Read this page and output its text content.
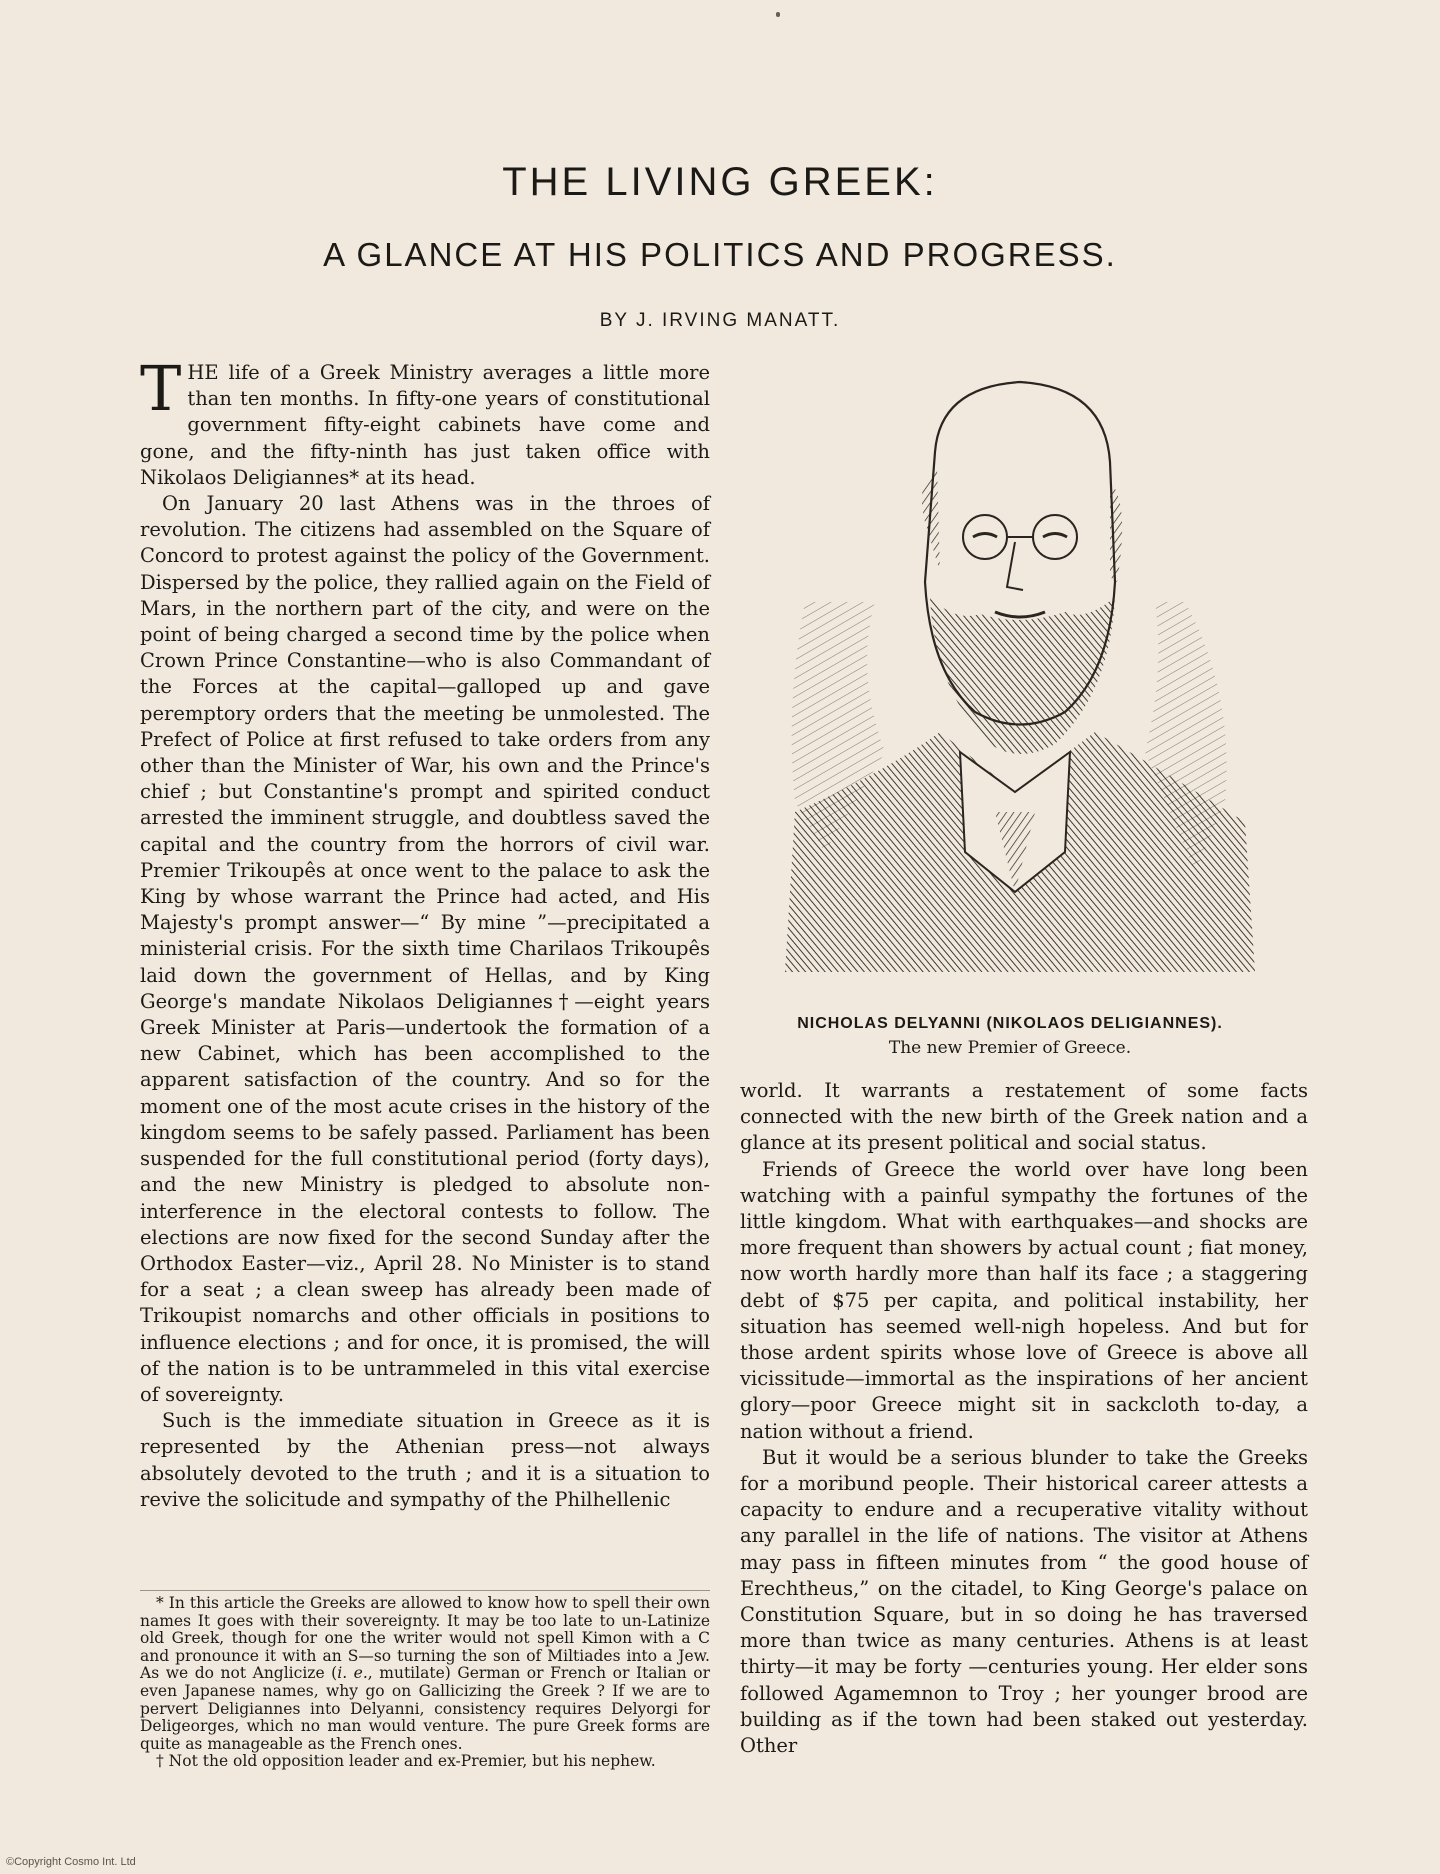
THE LIVING GREEK:
A GLANCE AT HIS POLITICS AND PROGRESS.
BY J. IRVING MANATT.

THE life of a Greek Ministry averages a little more than ten months. In fifty-one years of constitutional government fifty-eight cabinets have come and gone, and the fifty-ninth has just taken office with Nikolaos Deligiannes* at its head.

On January 20 last Athens was in the throes of revolution. The citizens had assembled on the Square of Concord to protest against the policy of the Government. Dispersed by the police, they rallied again on the Field of Mars, in the northern part of the city, and were on the point of being charged a second time by the police when Crown Prince Constantine—who is also Commandant of the Forces at the capital—galloped up and gave peremptory orders that the meeting be unmolested. The Prefect of Police at first refused to take orders from any other than the Minister of War, his own and the Prince's chief ; but Constantine's prompt and spirited conduct arrested the imminent struggle, and doubtless saved the capital and the country from the horrors of civil war. Premier Trikoupês at once went to the palace to ask the King by whose warrant the Prince had acted, and His Majesty's prompt answer—“ By mine ”—precipitated a ministerial crisis. For the sixth time Charilaos Trikoupês laid down the government of Hellas, and by King George's mandate Nikolaos Deligiannes†—eight years Greek Minister at Paris—undertook the formation of a new Cabinet, which has been accomplished to the apparent satisfaction of the country. And so for the moment one of the most acute crises in the history of the kingdom seems to be safely passed. Parliament has been suspended for the full constitutional period (forty days), and the new Ministry is pledged to absolute non-interference in the electoral contests to follow. The elections are now fixed for the second Sunday after the Orthodox Easter—viz., April 28. No Minister is to stand for a seat ; a clean sweep has already been made of Trikoupist nomarchs and other officials in positions to influence elections ; and for once, it is promised, the will of the nation is to be untrammeled in this vital exercise of sovereignty.

Such is the immediate situation in Greece as it is represented by the Athenian press—not always absolutely devoted to the truth ; and it is a situation to revive the solicitude and sympathy of the Philhellenic

* In this article the Greeks are allowed to know how to spell their own names It goes with their sovereignty. It may be too late to un-Latinize old Greek, though for one the writer would not spell Kimon with a C and pronounce it with an S—so turning the son of Miltiades into a Jew. As we do not Anglicize (i. e., mutilate) German or French or Italian or even Japanese names, why go on Gallicizing the Greek ? If we are to pervert Deligiannes into Delyanni, consistency requires Delyorgi for Deligeorges, which no man would venture. The pure Greek forms are quite as manageable as the French ones.

† Not the old opposition leader and ex-Premier, but his nephew.

NICHOLAS DELYANNI (NIKOLAOS DELIGIANNES).
The new Premier of Greece.

world. It warrants a restatement of some facts connected with the new birth of the Greek nation and a glance at its present political and social status.

Friends of Greece the world over have long been watching with a painful sympathy the fortunes of the little kingdom. What with earthquakes—and shocks are more frequent than showers by actual count ; fiat money, now worth hardly more than half its face ; a staggering debt of $75 per capita, and political instability, her situation has seemed well-nigh hopeless. And but for those ardent spirits whose love of Greece is above all vicissitude—immortal as the inspirations of her ancient glory—poor Greece might sit in sackcloth to-day, a nation without a friend.

But it would be a serious blunder to take the Greeks for a moribund people. Their historical career attests a capacity to endure and a recuperative vitality without any parallel in the life of nations. The visitor at Athens may pass in fifteen minutes from “ the good house of Erechtheus,” on the citadel, to King George's palace on Constitution Square, but in so doing he has traversed more than twice as many centuries. Athens is at least thirty—it may be forty —centuries young. Her elder sons followed Agamemnon to Troy ; her younger brood are building as if the town had been staked out yesterday. Other

©Copyright Cosmo Int. Ltd
